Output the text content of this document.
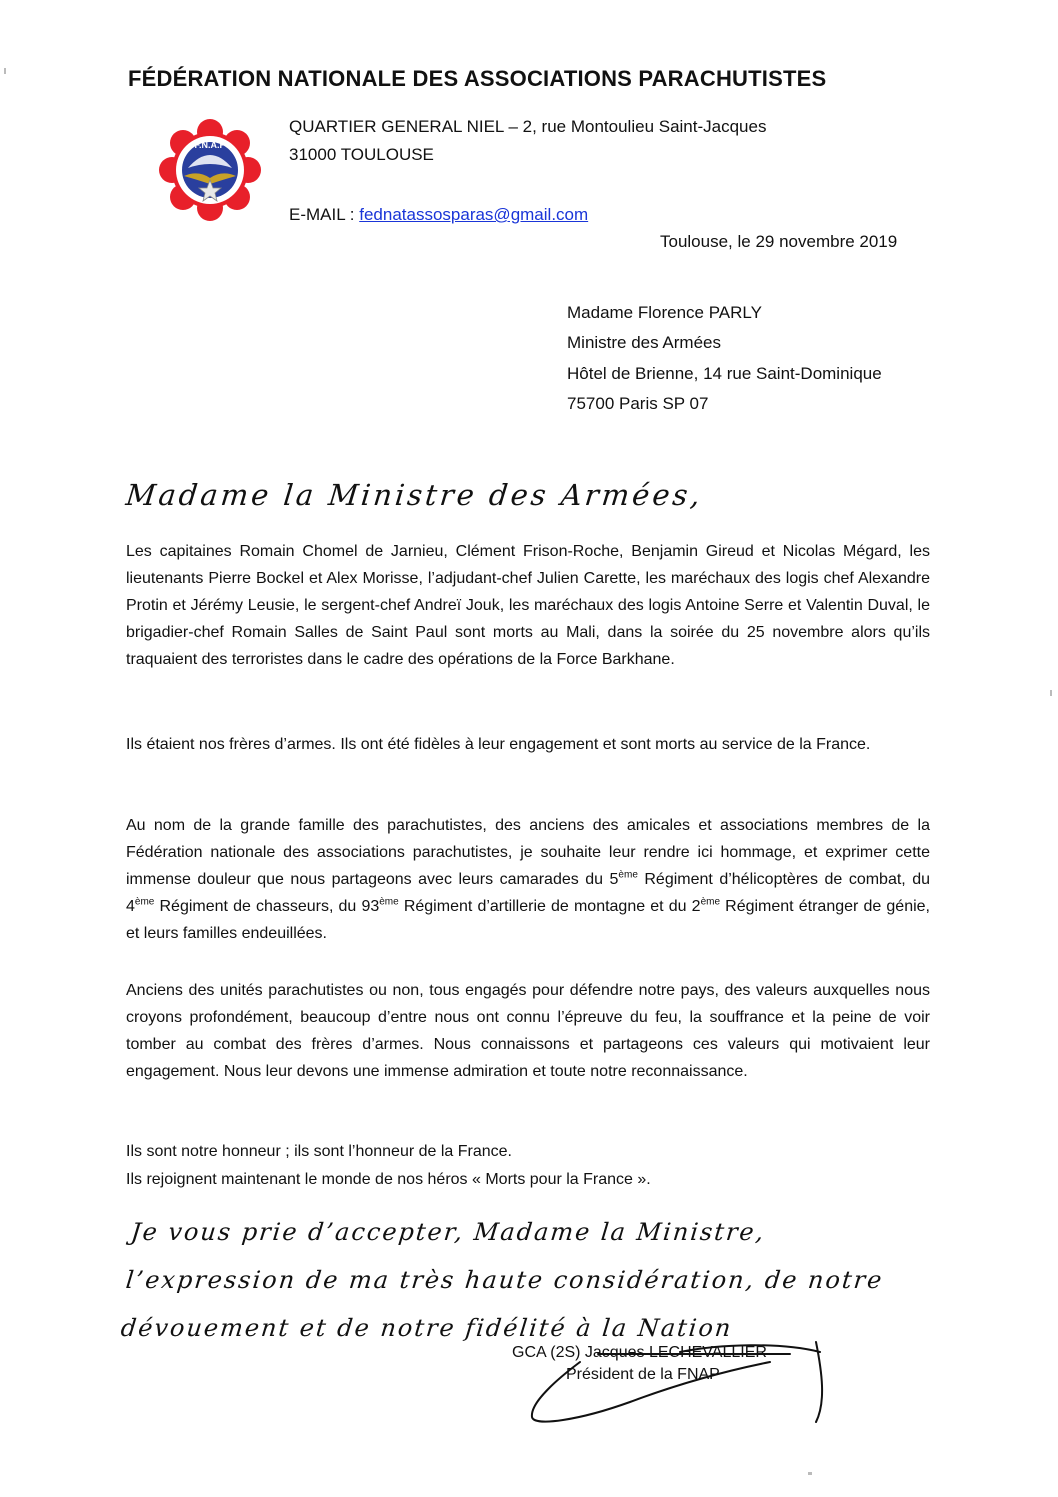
FÉDÉRATION NATIONALE DES ASSOCIATIONS PARACHUTISTES
F.N.A.P
QUARTIER GENERAL NIEL – 2, rue Montoulieu Saint-Jacques
31000 TOULOUSE
E-MAIL : fednatassosparas@gmail.com
Toulouse, le 29 novembre 2019
Madame Florence PARLY
Ministre des Armées
Hôtel de Brienne, 14 rue Saint-Dominique
75700 Paris SP 07
Madame la Ministre des Armées,

Les capitaines Romain Chomel de Jarnieu, Clément Frison-Roche, Benjamin Gireud et Nicolas Mégard, les lieutenants Pierre Bockel et Alex Morisse, l’adjudant-chef Julien Carette, les maréchaux des logis chef Alexandre Protin et Jérémy Leusie, le sergent-chef Andreï Jouk, les maréchaux des logis Antoine Serre et Valentin Duval, le brigadier-chef Romain Salles de Saint Paul sont morts au Mali, dans la soirée du 25 novembre alors qu’ils traquaient des terroristes dans le cadre des opérations de la Force Barkhane.

Ils étaient nos frères d’armes. Ils ont été fidèles à leur engagement et sont morts au service de la France.

Au nom de la grande famille des parachutistes, des anciens des amicales et associations membres de la Fédération nationale des associations parachutistes, je souhaite leur rendre ici hommage, et exprimer cette immense douleur que nous partageons avec leurs camarades du 5ème Régiment d’hélicoptères de combat, du 4ème Régiment de chasseurs, du 93ème Régiment d’artillerie de montagne et du 2ème Régiment étranger de génie, et leurs familles endeuillées.

Anciens des unités parachutistes ou non, tous engagés pour défendre notre pays, des valeurs auxquelles nous croyons profondément, beaucoup d’entre nous ont connu l’épreuve du feu, la souffrance et la peine de voir tomber au combat des frères d’armes. Nous connaissons et partageons ces valeurs qui motivaient leur engagement. Nous leur devons une immense admiration et toute notre reconnaissance.

Ils sont notre honneur ; ils sont l’honneur de la France.

Ils rejoignent maintenant le monde de nos héros « Morts pour la France ».

Je vous prie d’accepter, Madame la Ministre, l’expression de ma très haute considération, de notre dévouement et de notre fidélité à la Nation
GCA (2S) Jacques LECHEVALLIER
Président de la FNAP
